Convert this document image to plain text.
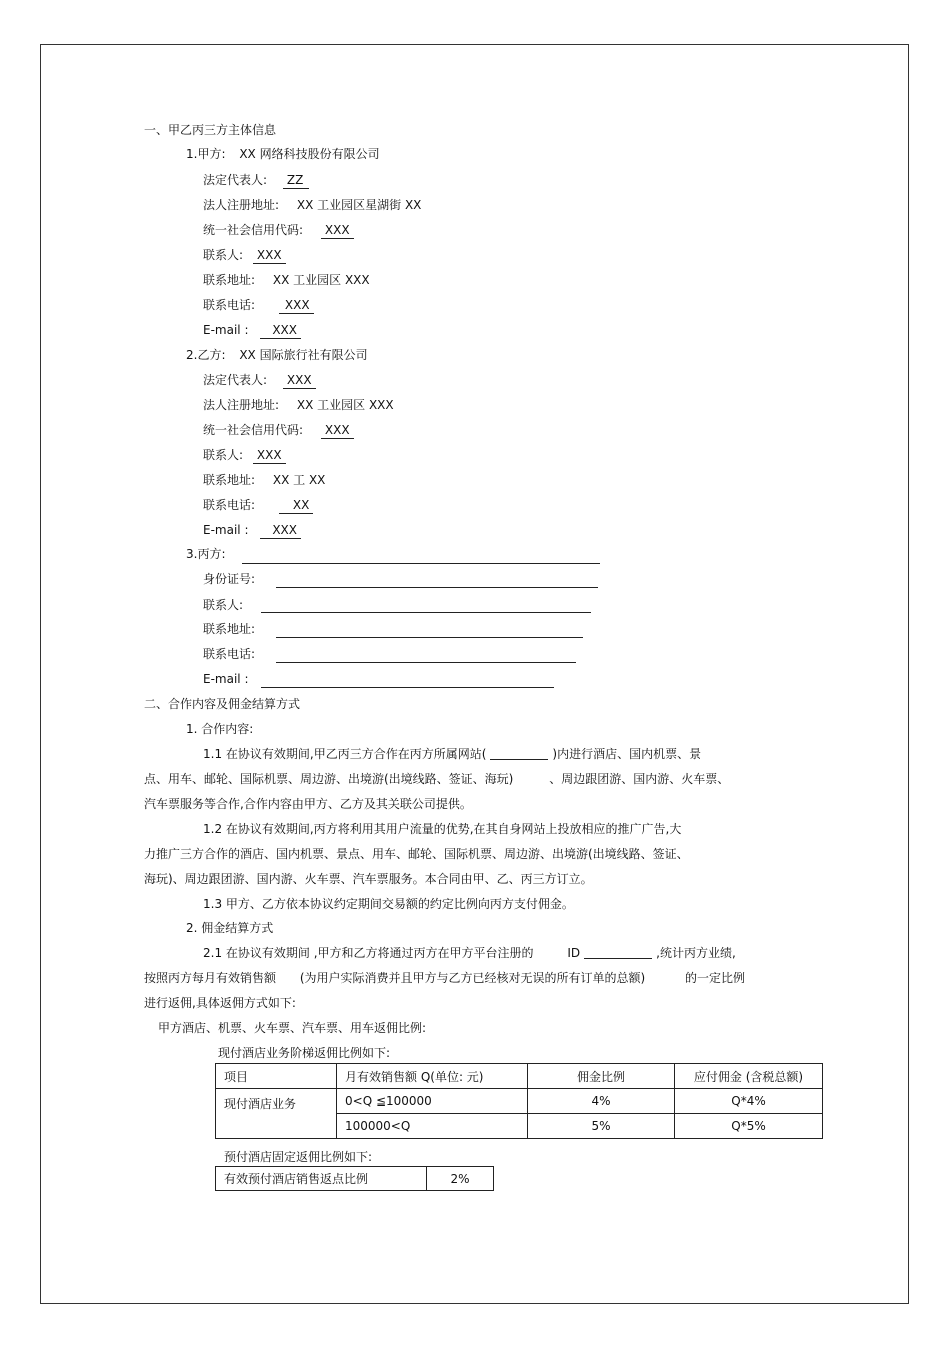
一、甲乙丙三方主体信息
1.甲方: XX 网络科技股份有限公司
法定代表人: ZZ
法人注册地址: XX 工业园区星湖街 XX
统一社会信用代码: XXX
联系人: XXX
联系地址: XX 工业园区 XXX
联系电话: XXX
E-mail : XXX
2.乙方: XX 国际旅行社有限公司
法定代表人: XXX
法人注册地址: XX 工业园区 XXX
统一社会信用代码: XXX
联系人: XXX
联系地址: XX 工 XX
联系电话:	XX
E-mail : XXX
3.丙方:
身份证号:
联系人:
联系地址:
联系电话:
E-mail :
二、合作内容及佣金结算方式
1. 合作内容:
1.1 在协议有效期间,甲乙丙三方合作在丙方所属网站(	)内进行酒店、国内机票、景
点、用车、邮轮、国际机票、周边游、出境游(出境线路、签证、海玩)	、周边跟团游、国内游、火车票、
汽车票服务等合作,合作内容由甲方、乙方及其关联公司提供。
1.2 在协议有效期间,丙方将利用其用户流量的优势,在其自身网站上投放相应的推广广告,大
力推广三方合作的酒店、国内机票、景点、用车、邮轮、国际机票、周边游、出境游(出境线路、签证、
海玩)、周边跟团游、国内游、火车票、汽车票服务。本合同由甲、乙、丙三方订立。
1.3 甲方、乙方依本协议约定期间交易额的约定比例向丙方支付佣金。
2. 佣金结算方式
2.1 在协议有效期间 ,甲方和乙方将通过丙方在甲方平台注册的	ID	,统计丙方业绩,
按照丙方每月有效销售额 (为用户实际消费并且甲方与乙方已经核对无误的所有订单的总额)	的一定比例
进行返佣,具体返佣方式如下:
甲方酒店、机票、火车票、汽车票、用车返佣比例:
现付酒店业务阶梯返佣比例如下:
项目	月有效销售额 Q(单位: 元)	佣金比例	应付佣金 (含税总额)
现付酒店业务	0<Q ≦100000	4%	Q*4%
	100000<Q	5%	Q*5%
预付酒店固定返佣比例如下:
有效预付酒店销售返点比例	2%
